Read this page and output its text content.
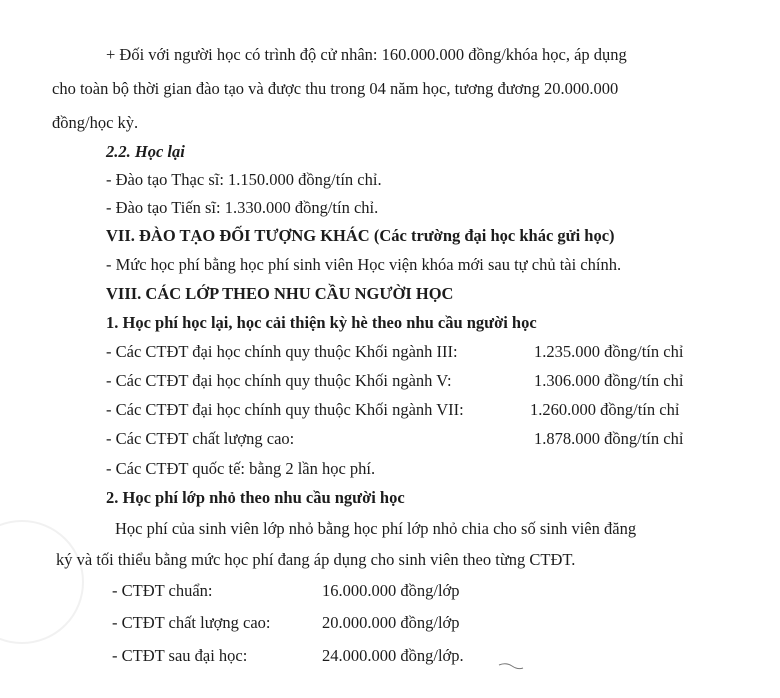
+ Đối với người học có trình độ cử nhân: 160.000.000 đồng/khóa học, áp dụng
cho toàn bộ thời gian đào tạo và được thu trong 04 năm học, tương đương 20.000.000
đồng/học kỳ.
2.2. Học lại
- Đào tạo Thạc sĩ: 1.150.000 đồng/tín chỉ.
- Đào tạo Tiến sĩ: 1.330.000 đồng/tín chỉ.
VII. ĐÀO TẠO ĐỐI TƯỢNG KHÁC (Các trường đại học khác gửi học)
- Mức học phí bằng học phí sinh viên Học viện khóa mới sau tự chủ tài chính.
VIII. CÁC LỚP THEO NHU CẦU NGƯỜI HỌC
1. Học phí học lại, học cải thiện kỳ hè theo nhu cầu người học
- Các CTĐT đại học chính quy thuộc Khối ngành III:	1.235.000 đồng/tín chỉ
- Các CTĐT đại học chính quy thuộc Khối ngành V:	1.306.000 đồng/tín chỉ
- Các CTĐT đại học chính quy thuộc Khối ngành VII:	1.260.000 đồng/tín chỉ
- Các CTĐT chất lượng cao:	1.878.000 đồng/tín chỉ
- Các CTĐT quốc tế: bằng 2 lần học phí.
2. Học phí lớp nhỏ theo nhu cầu người học
Học phí của sinh viên lớp nhỏ bằng học phí lớp nhỏ chia cho số sinh viên đăng
ký và tối thiểu bằng mức học phí đang áp dụng cho sinh viên theo từng CTĐT.
- CTĐT chuẩn:	16.000.000 đồng/lớp
- CTĐT chất lượng cao:	20.000.000 đồng/lớp
- CTĐT sau đại học:	24.000.000 đồng/lớp.
